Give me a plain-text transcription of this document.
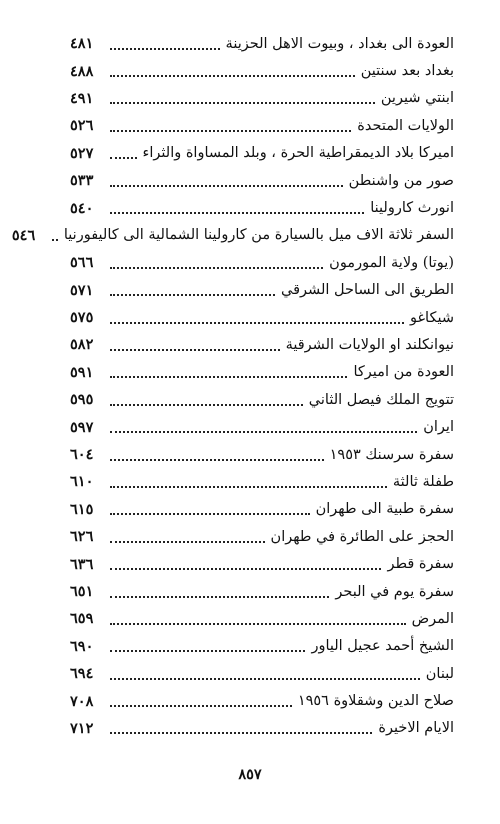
العودة الى بغداد ، وبيوت الاهل الحزينة
٤٨١
بغداد بعد سنتين
٤٨٨
ابنتي شيرين
٤٩١
الولايات المتحدة
٥٢٦
اميركا بلاد الديمقراطية الحرة ، وبلد المساواة والثراء
٥٢٧
صور من واشنطن
٥٣٣
انورث كارولينا
٥٤٠
السفر ثلاثة الاف ميل بالسيارة من كارولينا الشمالية الى كاليفورنيا
٥٤٦
(يوتا) ولاية المورمون
٥٦٦
الطريق الى الساحل الشرقي
٥٧١
شيكاغو
٥٧٥
نيوانكلند او الولايات الشرقية
٥٨٢
العودة من اميركا
٥٩١
تتويج الملك فيصل الثاني
٥٩٥
ايران
٥٩٧
سفرة سرسنك ١٩٥٣
٦٠٤
طفلة ثالثة
٦١٠
سفرة طبية الى طهران
٦١٥
الحجز على الطائرة في طهران
٦٢٦
سفرة قطر
٦٣٦
سفرة يوم في البحر
٦٥١
المرض
٦٥٩
الشيخ أحمد عجيل الياور
٦٩٠
لبنان
٦٩٤
صلاح الدين وشقلاوة ١٩٥٦
٧٠٨
الايام الاخيرة
٧١٢
٨٥٧
